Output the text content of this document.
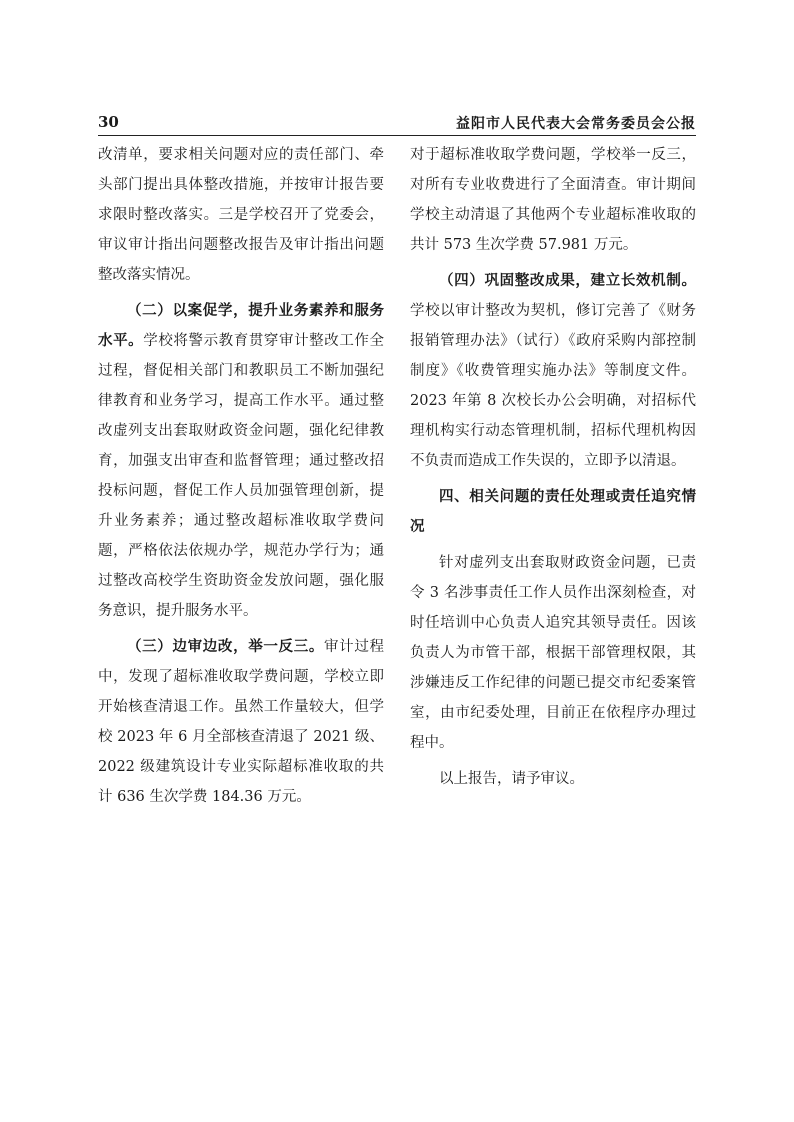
30	益阳市人民代表大会常务委员会公报

改清单，要求相关问题对应的责任部门、牵头部门提出具体整改措施，并按审计报告要求限时整改落实。三是学校召开了党委会，审议审计指出问题整改报告及审计指出问题整改落实情况。

（二）以案促学，提升业务素养和服务水平。学校将警示教育贯穿审计整改工作全过程，督促相关部门和教职员工不断加强纪律教育和业务学习，提高工作水平。通过整改虚列支出套取财政资金问题，强化纪律教育，加强支出审查和监督管理；通过整改招投标问题，督促工作人员加强管理创新，提升业务素养；通过整改超标准收取学费问题，严格依法依规办学，规范办学行为；通过整改高校学生资助资金发放问题，强化服务意识，提升服务水平。

（三）边审边改，举一反三。审计过程中，发现了超标准收取学费问题，学校立即开始核查清退工作。虽然工作量较大，但学校 2023 年 6 月全部核查清退了 2021 级、2022 级建筑设计专业实际超标准收取的共计 636 生次学费 184.36 万元。

对于超标准收取学费问题，学校举一反三，对所有专业收费进行了全面清查。审计期间学校主动清退了其他两个专业超标准收取的共计 573 生次学费 57.981 万元。

（四）巩固整改成果，建立长效机制。学校以审计整改为契机，修订完善了《财务报销管理办法》（试行）《政府采购内部控制制度》《收费管理实施办法》等制度文件。2023 年第 8 次校长办公会明确，对招标代理机构实行动态管理机制，招标代理机构因不负责而造成工作失误的，立即予以清退。

四、相关问题的责任处理或责任追究情况

针对虚列支出套取财政资金问题，已责令 3 名涉事责任工作人员作出深刻检查，对时任培训中心负责人追究其领导责任。因该负责人为市管干部，根据干部管理权限，其涉嫌违反工作纪律的问题已提交市纪委案管室，由市纪委处理，目前正在依程序办理过程中。

以上报告，请予审议。
